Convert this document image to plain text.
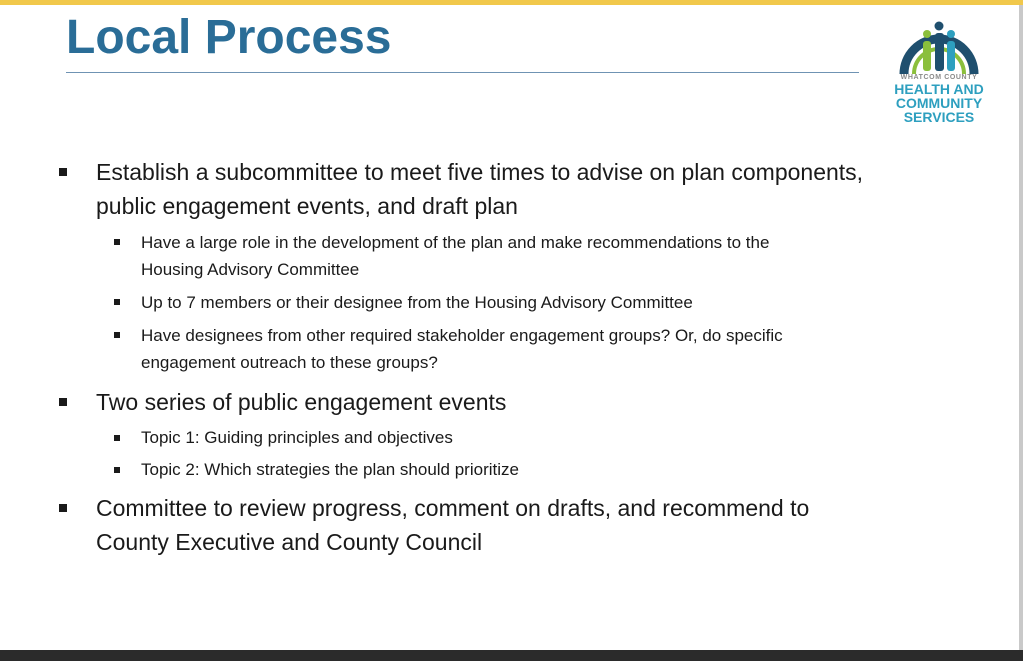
Local Process
WHATCOM COUNTY
HEALTH AND
COMMUNITY
SERVICES
Establish a subcommittee to meet five times to advise on plan components,
public engagement events, and draft plan
Have a large role in the development of the plan and make recommendations to the
Housing Advisory Committee
Up to 7 members or their designee from the Housing Advisory Committee
Have designees from other required stakeholder engagement groups? Or, do specific
engagement outreach to these groups?
Two series of public engagement events
Topic 1: Guiding principles and objectives
Topic 2: Which strategies the plan should prioritize
Committee to review progress, comment on drafts, and recommend to
County Executive and County Council
